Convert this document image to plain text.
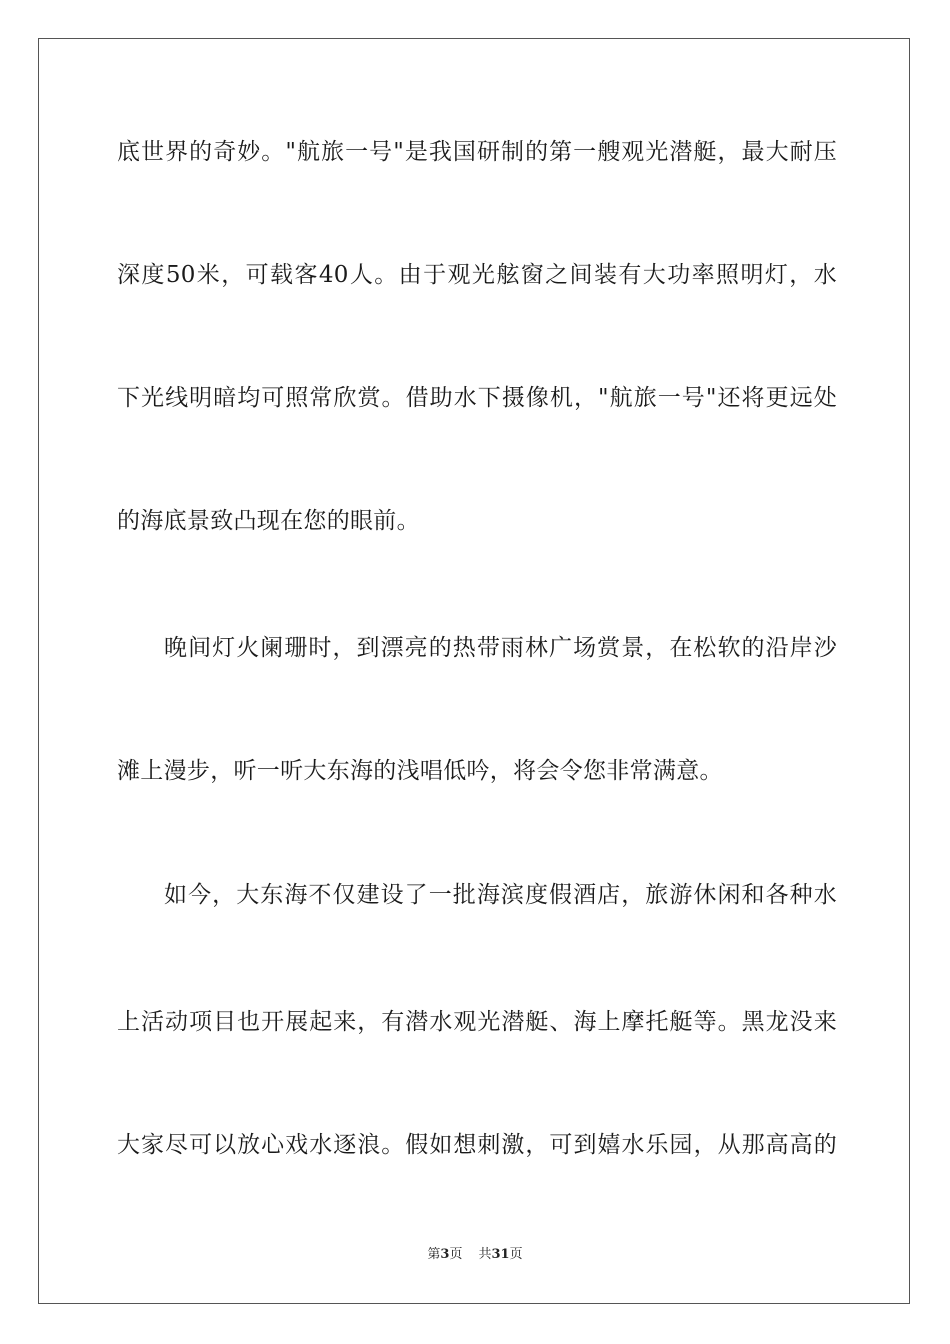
底世界的奇妙。"航旅一号"是我国研制的第一艘观光潜艇，最大耐压
深度50米，可载客40人。由于观光舷窗之间装有大功率照明灯，水
下光线明暗均可照常欣赏。借助水下摄像机，"航旅一号"还将更远处
的海底景致凸现在您的眼前。
晚间灯火阑珊时，到漂亮的热带雨林广场赏景，在松软的沿岸沙
滩上漫步，听一听大东海的浅唱低吟，将会令您非常满意。
如今，大东海不仅建设了一批海滨度假酒店，旅游休闲和各种水
上活动项目也开展起来，有潜水观光潜艇、海上摩托艇等。黑龙没来
大家尽可以放心戏水逐浪。假如想刺激，可到嬉水乐园，从那高高的
第3页 共31页
